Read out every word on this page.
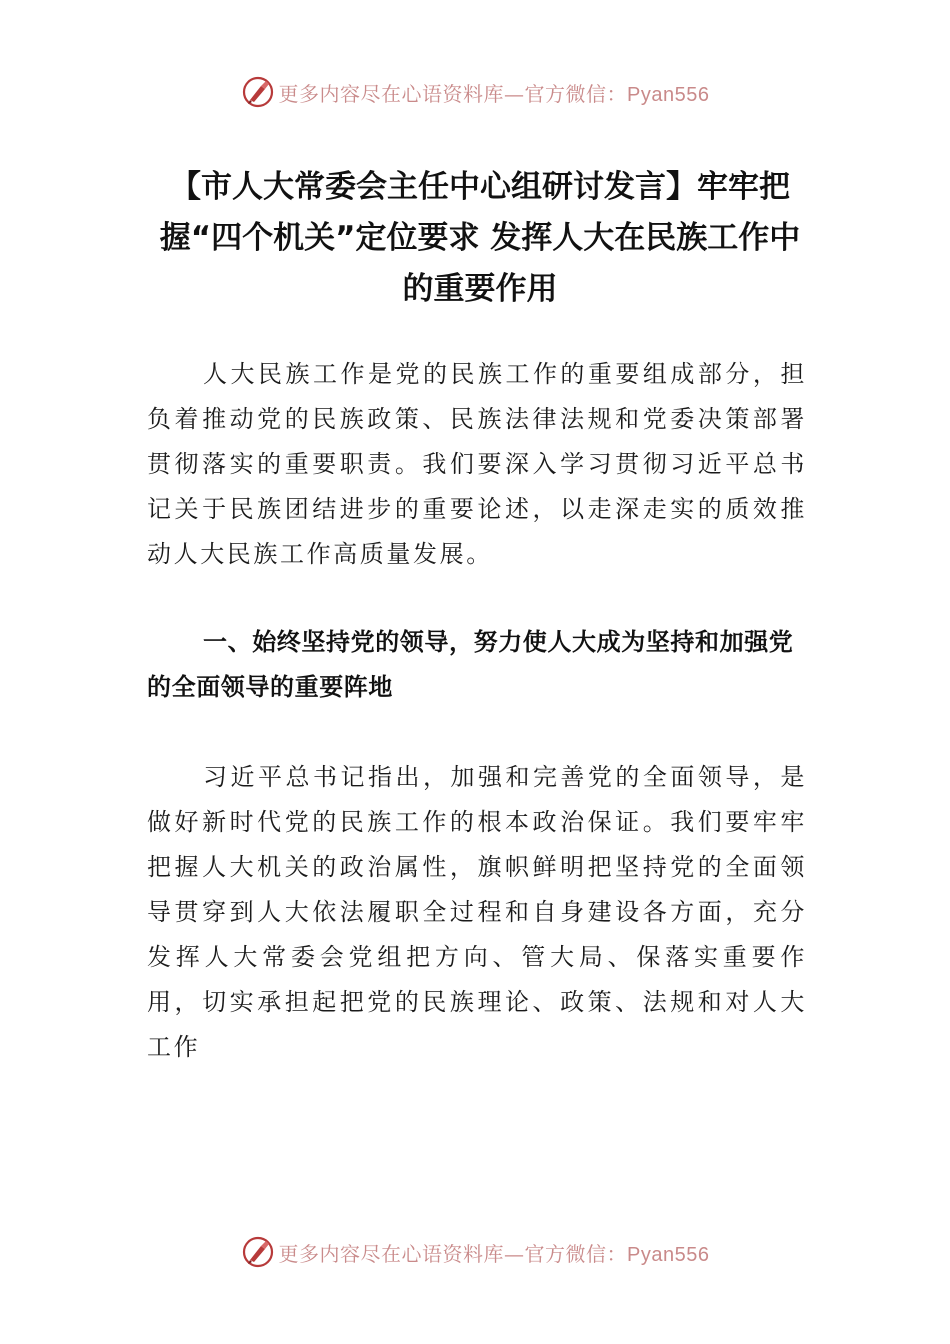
更多内容尽在心语资料库—官方微信：Pyan556
【市人大常委会主任中心组研讨发言】牢牢把握“四个机关”定位要求 发挥人大在民族工作中的重要作用

人大民族工作是党的民族工作的重要组成部分，担负着推动党的民族政策、民族法律法规和党委决策部署贯彻落实的重要职责。我们要深入学习贯彻习近平总书记关于民族团结进步的重要论述，以走深走实的质效推动人大民族工作高质量发展。

一、始终坚持党的领导，努力使人大成为坚持和加强党的全面领导的重要阵地

习近平总书记指出，加强和完善党的全面领导，是做好新时代党的民族工作的根本政治保证。我们要牢牢把握人大机关的政治属性，旗帜鲜明把坚持党的全面领导贯穿到人大依法履职全过程和自身建设各方面，充分发挥人大常委会党组把方向、管大局、保落实重要作用，切实承担起把党的民族理论、政策、法规和对人大工作

更多内容尽在心语资料库—官方微信：Pyan556
